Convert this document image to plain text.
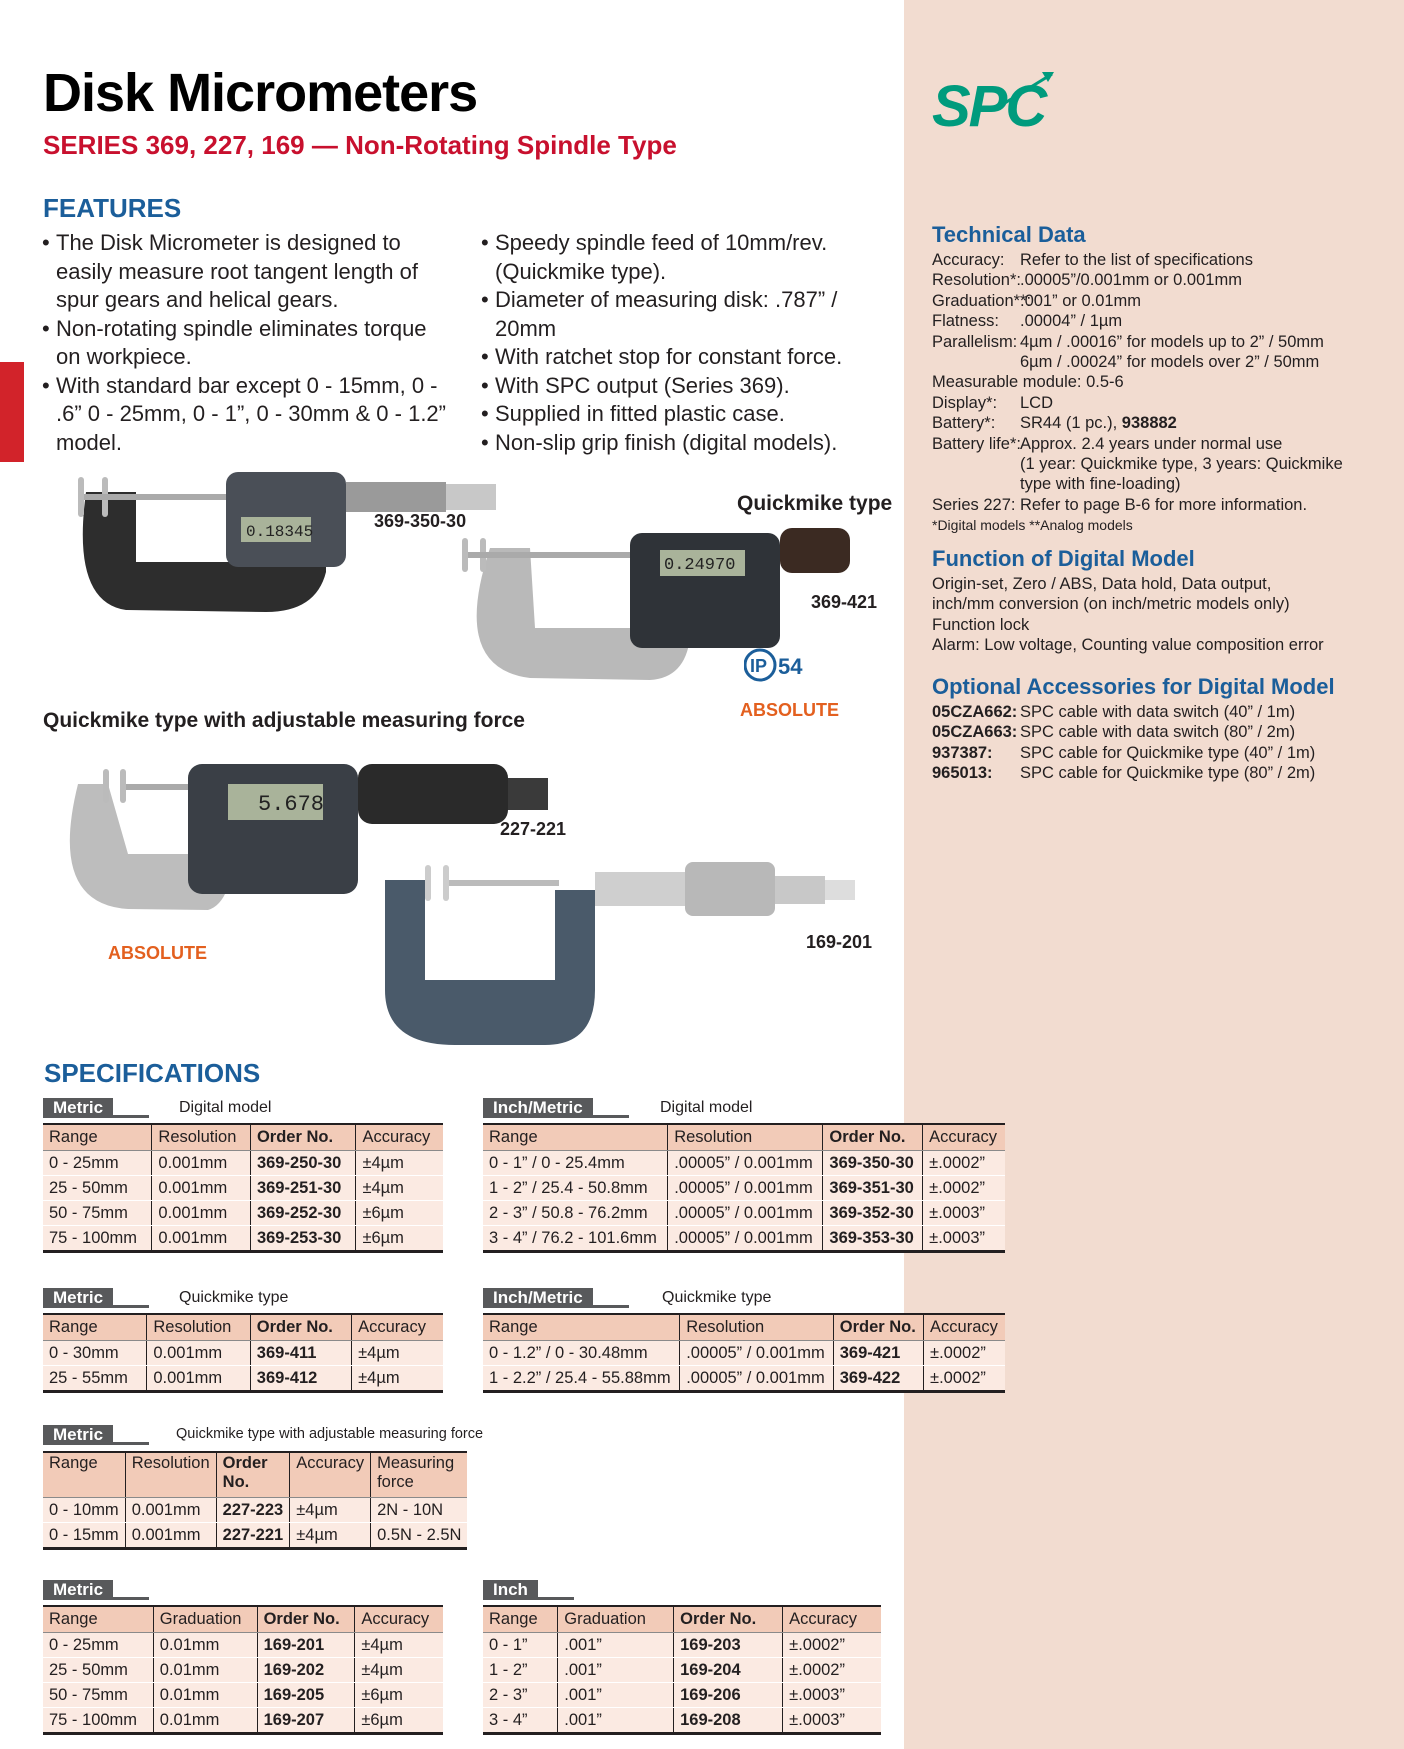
Disk Micrometers
SERIES 369, 227, 169 — Non-Rotating Spindle Type
FEATURES
• The Disk Micrometer is designed to easily measure root tangent length of spur gears and helical gears.
• Non-rotating spindle eliminates torque on workpiece.
• With standard bar except 0 - 15mm, 0 - .6” 0 - 25mm, 0 - 1”, 0 - 30mm & 0 - 1.2” model.
• Speedy spindle feed of 10mm/rev. (Quickmike type).
• Diameter of measuring disk: .787” / 20mm
• With ratchet stop for constant force.
• With SPC output (Series 369).
• Supplied in fitted plastic case.
• Non-slip grip finish (digital models).
SPC
Technical Data
Accuracy: Refer to the list of specifications
Resolution*: .00005”/0.001mm or 0.001mm
Graduation**:
.001” or 0.01mm
Flatness: .00004” / 1µm
Parallelism: 4µm / .00016” for models up to 2” / 50mm
6µm / .00024” for models over 2” / 50mm
Measurable module: 0.5-6
Display*: LCD
Battery*: SR44 (1 pc.), 938882
Battery life*: Approx. 2.4 years under normal use
(1 year: Quickmike type, 3 years: Quickmike
type with fine-loading)
Series 227: Refer to page B-6 for more information.
*Digital models **Analog models
Function of Digital Model
Origin-set, Zero / ABS, Data hold, Data output,
inch/mm conversion (on inch/metric models only)
Function lock
Alarm: Low voltage, Counting value composition error
Optional Accessories for Digital Model
05CZA662: SPC cable with data switch (40” / 1m)
05CZA663: SPC cable with data switch (80” / 2m)
937387: SPC cable for Quickmike type (40” / 1m)
965013: SPC cable for Quickmike type (80” / 2m)
0.18345
369-350-30
Quickmike type
0.24970
369-421
IP 54
ABSOLUTE
Quickmike type with adjustable measuring force
5.678
227-221
ABSOLUTE
169-201
SPECIFICATIONS
Metric	Digital model
Range	Resolution	Order No.	Accuracy
0 - 25mm	0.001mm	369-250-30	±4µm
25 - 50mm	0.001mm	369-251-30	±4µm
50 - 75mm	0.001mm	369-252-30	±6µm
75 - 100mm	0.001mm	369-253-30	±6µm
Inch/Metric	Digital model
Range	Resolution	Order No.	Accuracy
0 - 1” / 0 - 25.4mm	.00005” / 0.001mm	369-350-30	±.0002”
1 - 2” / 25.4 - 50.8mm	.00005” / 0.001mm	369-351-30	±.0002”
2 - 3” / 50.8 - 76.2mm	.00005” / 0.001mm	369-352-30	±.0003”
3 - 4” / 76.2 - 101.6mm	.00005” / 0.001mm	369-353-30	±.0003”
Metric	Quickmike type
Range	Resolution	Order No.	Accuracy
0 - 30mm	0.001mm	369-411	±4µm
25 - 55mm	0.001mm	369-412	±4µm
Inch/Metric	Quickmike type
Range	Resolution	Order No.	Accuracy
0 - 1.2” / 0 - 30.48mm	.00005” / 0.001mm	369-421	±.0002”
1 - 2.2” / 25.4 - 55.88mm	.00005” / 0.001mm	369-422	±.0002”
Metric	Quickmike type with adjustable measuring force
Range	Resolution	Order No.	Accuracy	Measuring force
0 - 10mm	0.001mm	227-223	±4µm	2N - 10N
0 - 15mm	0.001mm	227-221	±4µm	0.5N - 2.5N
Metric
Range	Graduation	Order No.	Accuracy
0 - 25mm	0.01mm	169-201	±4µm
25 - 50mm	0.01mm	169-202	±4µm
50 - 75mm	0.01mm	169-205	±6µm
75 - 100mm	0.01mm	169-207	±6µm
Inch
Range	Graduation	Order No.	Accuracy
0 - 1”	.001”	169-203	±.0002”
1 - 2”	.001”	169-204	±.0002”
2 - 3”	.001”	169-206	±.0003”
3 - 4”	.001”	169-208	±.0003”
